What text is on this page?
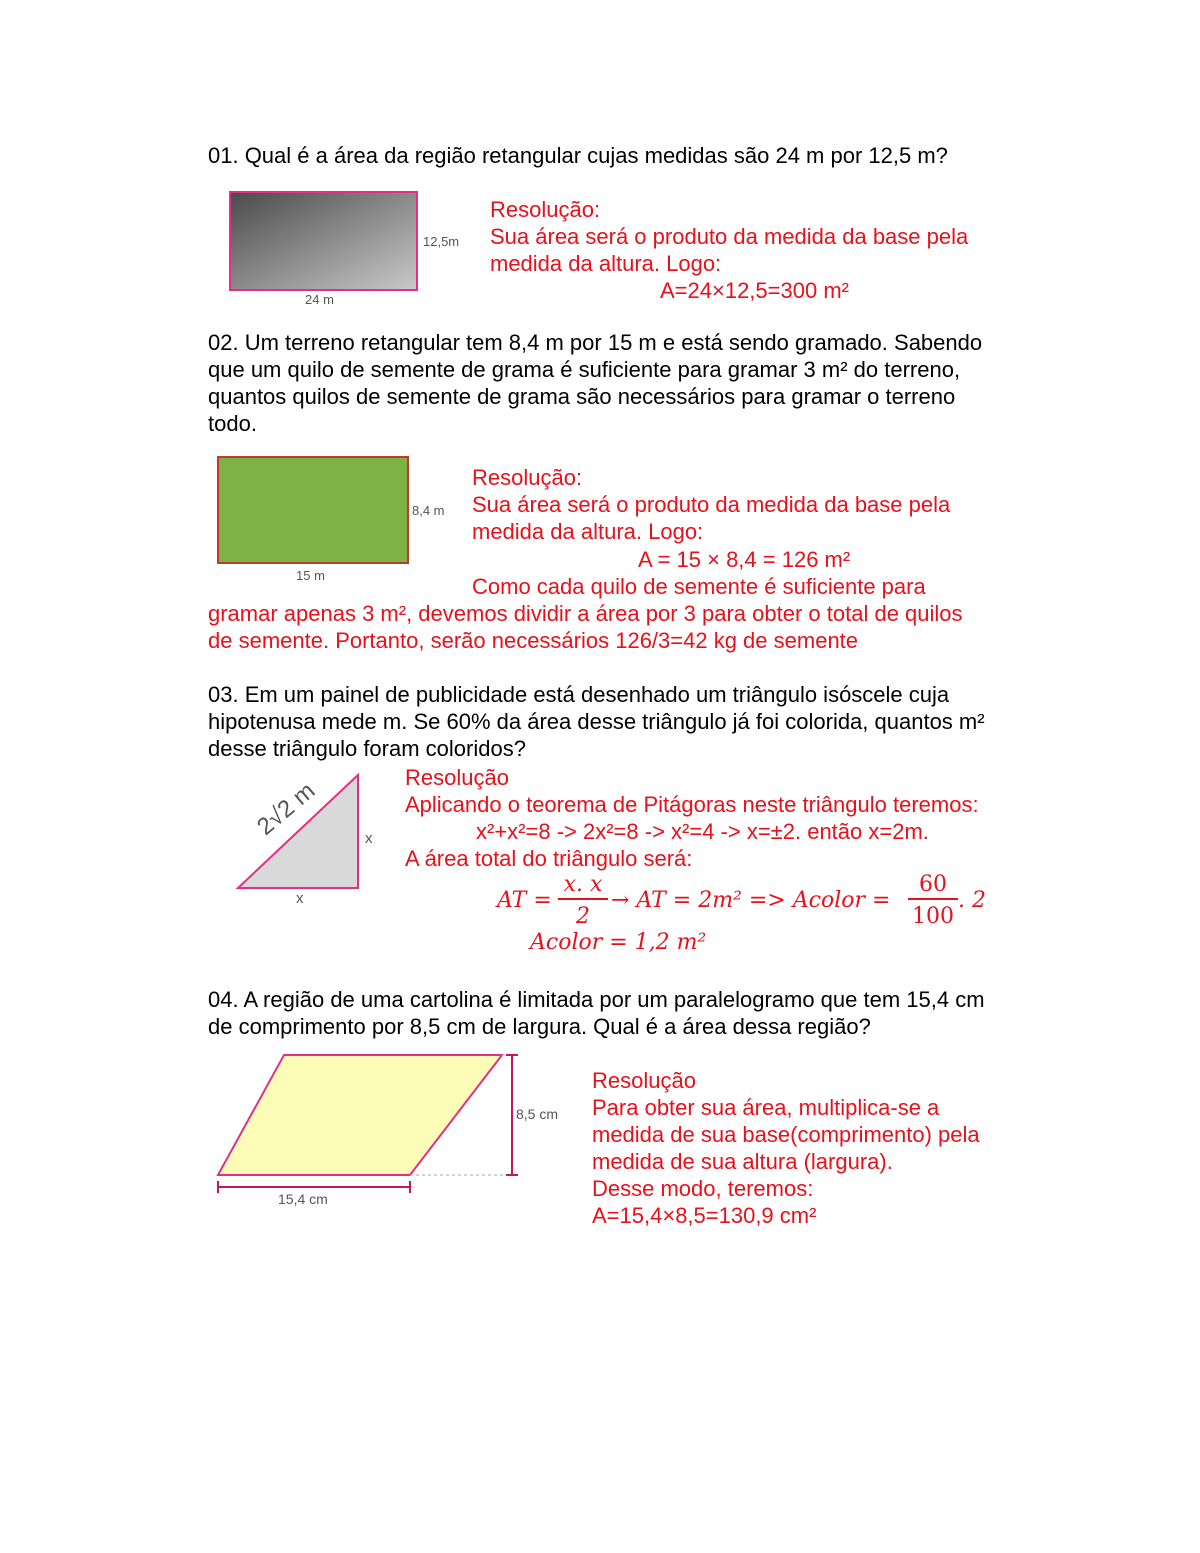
01. Qual é a área da região retangular cujas medidas são 24 m por 12,5 m?
12,5m
24 m
Resolução:
Sua área será o produto da medida da base pela
medida da altura. Logo:
A=24×12,5=300 m²
02. Um terreno retangular tem 8,4 m por 15 m e está sendo gramado. Sabendo
que um quilo de semente de grama é suficiente para gramar 3 m² do terreno,
quantos quilos de semente de grama são necessários para gramar o terreno
todo.
8,4 m
15 m
Resolução:
Sua área será o produto da medida da base pela
medida da altura. Logo:
A = 15 × 8,4 = 126 m²
Como cada quilo de semente é suficiente para
gramar apenas 3 m², devemos dividir a área por 3 para obter o total de quilos
de semente. Portanto, serão necessários 126/3=42 kg de semente
03. Em um painel de publicidade está desenhado um triângulo isóscele cuja
hipotenusa mede m. Se 60% da área desse triângulo já foi colorida, quantos m²
desse triângulo foram coloridos?
2√2 m	x
x
Resolução
Aplicando o teorema de Pitágoras neste triângulo teremos:
x²+x²=8 -> 2x²=8 -> x²=4 -> x=±2. então x=2m.
A área total do triângulo será:
AT =
x. x
2
→ AT = 2m² => Acolor =
60
100
. 2
Acolor = 1,2 m²
04. A região de uma cartolina é limitada por um paralelogramo que tem 15,4 cm
de comprimento por 8,5 cm de largura. Qual é a área dessa região?
8,5 cm
15,4 cm
Resolução
Para obter sua área, multiplica-se a
medida de sua base(comprimento) pela
medida de sua altura (largura).
Desse modo, teremos:
A=15,4×8,5=130,9 cm²
